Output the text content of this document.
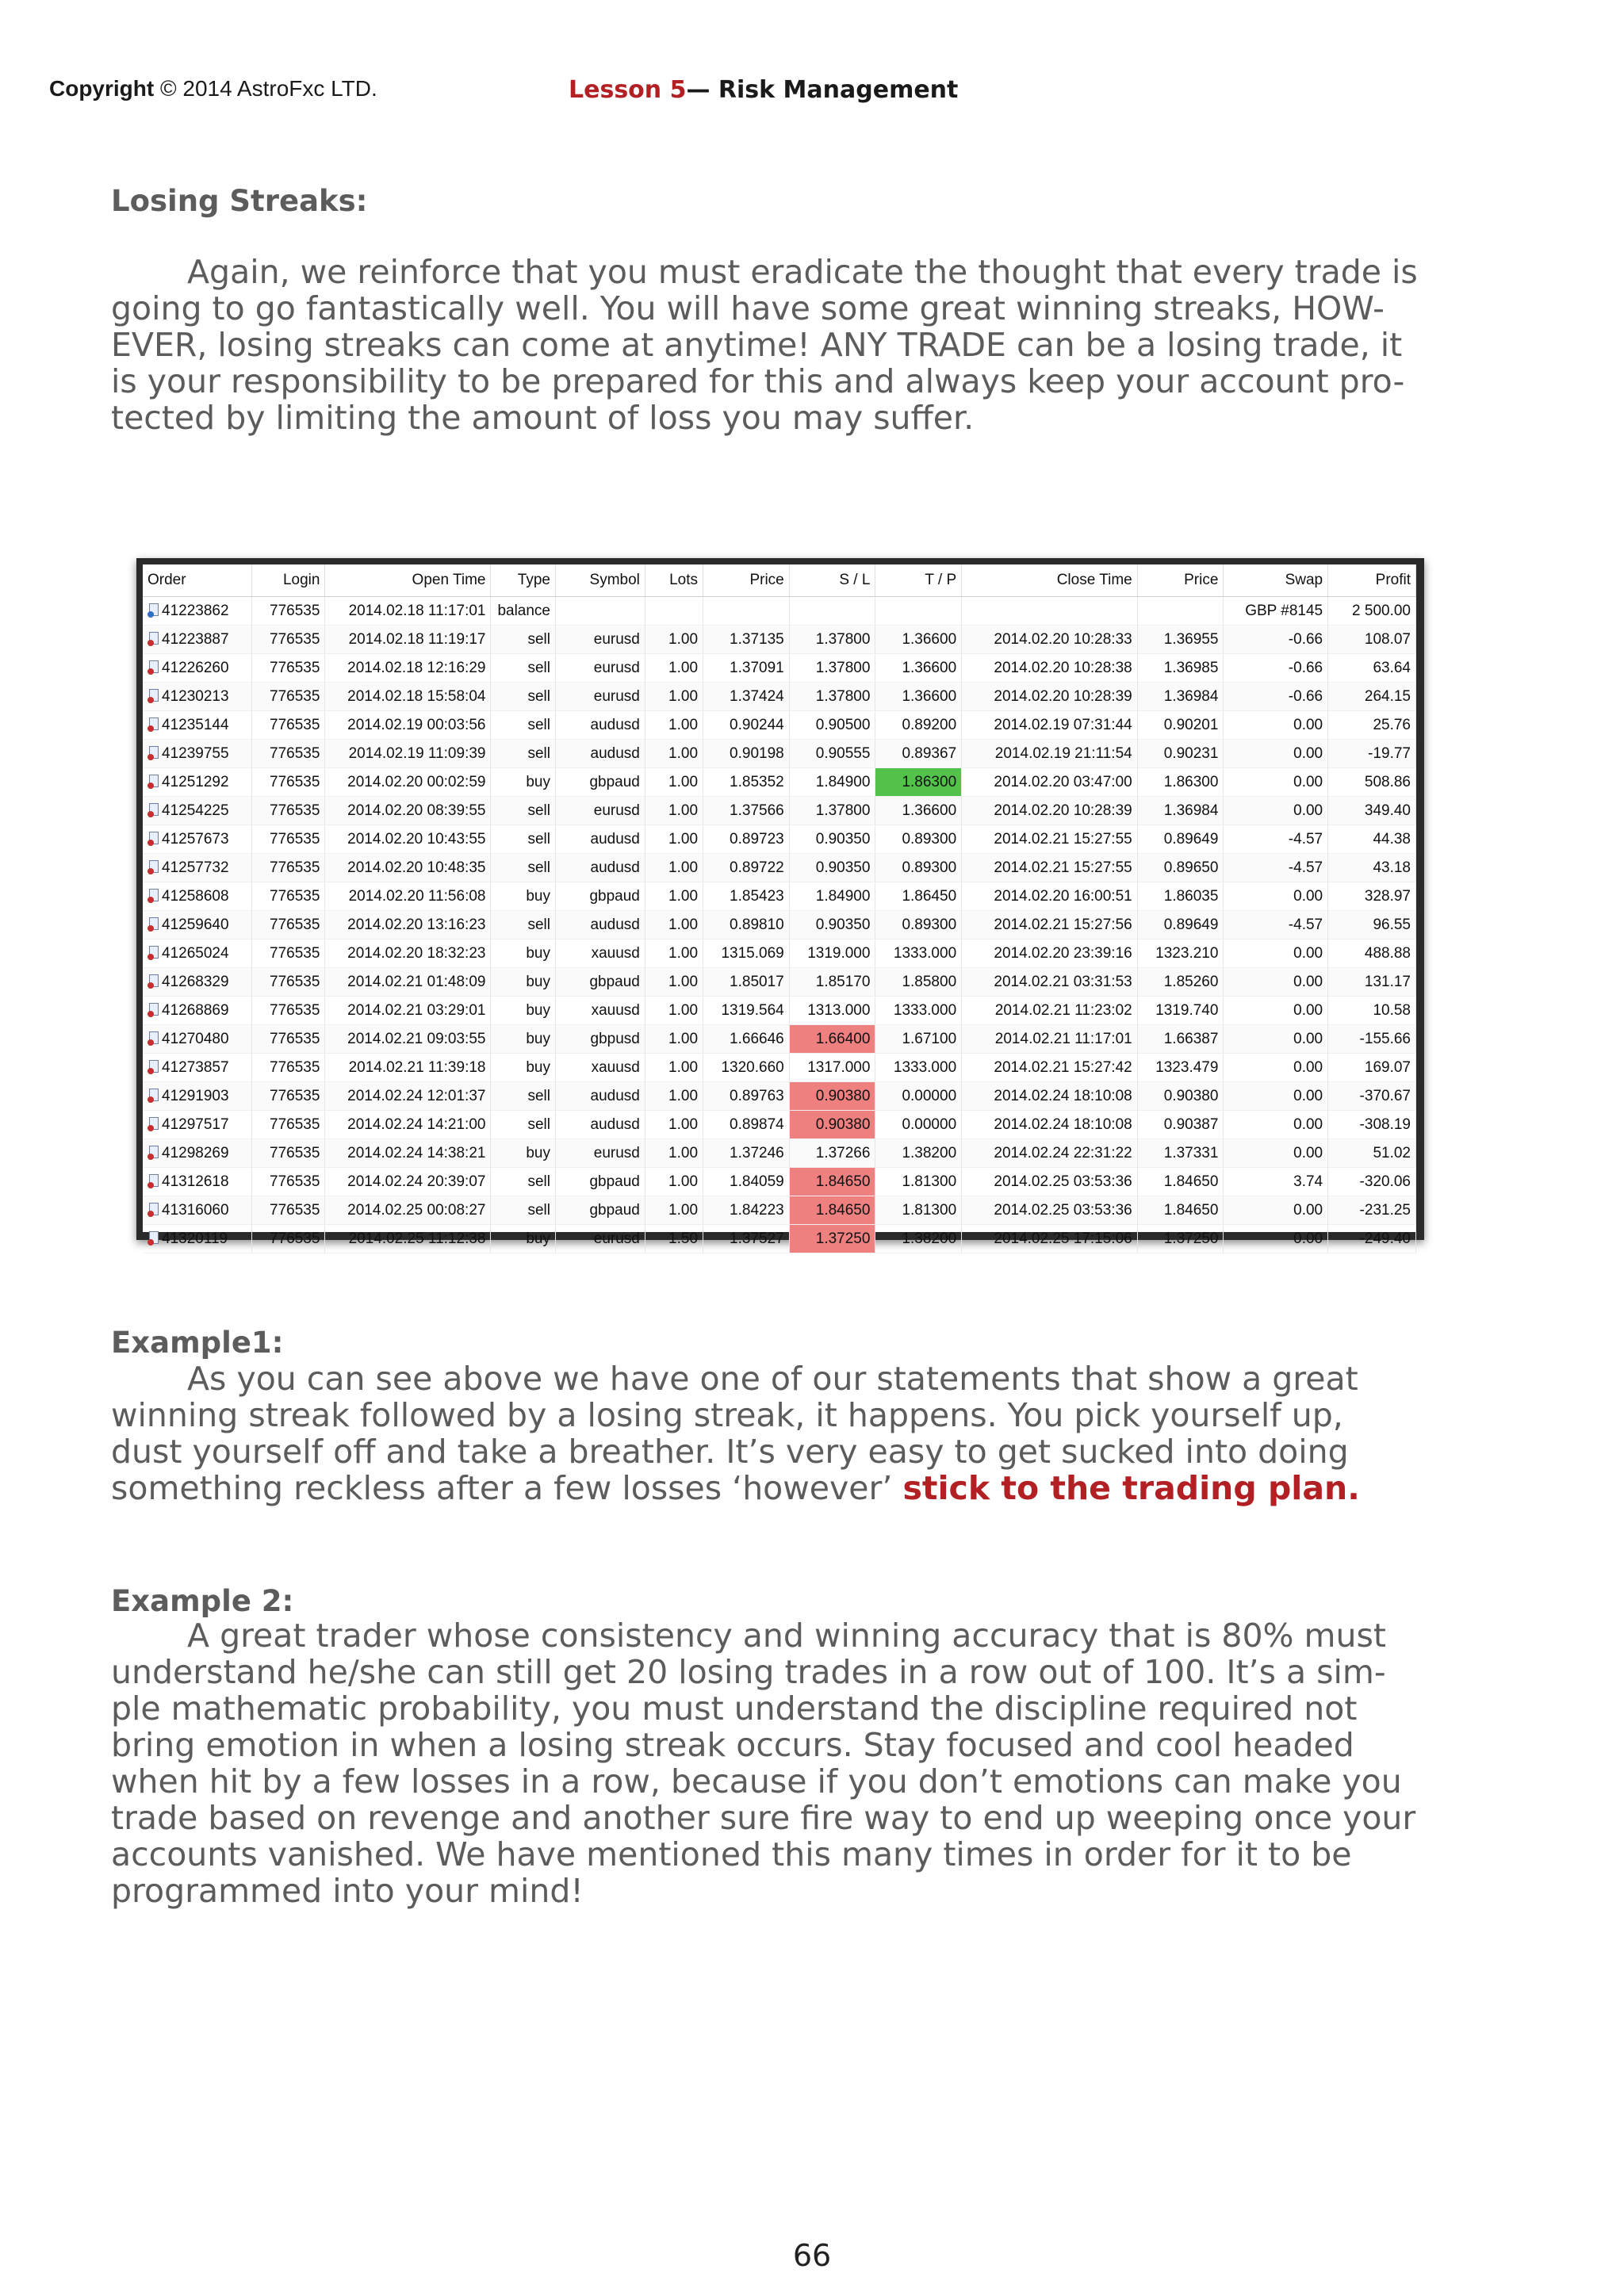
Copyright © 2014 AstroFxc LTD.	Lesson 5— Risk Management
Losing Streaks:

Again, we reinforce that you must eradicate the thought that every trade is

going to go fantastically well. You will have some great winning streaks, HOW-

EVER, losing streaks can come at anytime! ANY TRADE can be a losing trade, it

is your responsibility to be prepared for this and always keep your account pro-

tected by limiting the amount of loss you may suffer.

Order	Login	Open Time	Type	Symbol	Lots	Price	S / L	T / P	Close Time	Price	Swap	Profit

41223862	776535	2014.02.18 11:17:01	balance								GBP #8145	2 500.00

41223887	776535	2014.02.18 11:19:17	sell	eurusd	1.00	1.37135	1.37800	1.36600	2014.02.20 10:28:33	1.36955	-0.66	108.07

41226260	776535	2014.02.18 12:16:29	sell	eurusd	1.00	1.37091	1.37800	1.36600	2014.02.20 10:28:38	1.36985	-0.66	63.64

41230213	776535	2014.02.18 15:58:04	sell	eurusd	1.00	1.37424	1.37800	1.36600	2014.02.20 10:28:39	1.36984	-0.66	264.15

41235144	776535	2014.02.19 00:03:56	sell	audusd	1.00	0.90244	0.90500	0.89200	2014.02.19 07:31:44	0.90201	0.00	25.76

41239755	776535	2014.02.19 11:09:39	sell	audusd	1.00	0.90198	0.90555	0.89367	2014.02.19 21:11:54	0.90231	0.00	-19.77

41251292	776535	2014.02.20 00:02:59	buy	gbpaud	1.00	1.85352	1.84900	1.86300	2014.02.20 03:47:00	1.86300	0.00	508.86

41254225	776535	2014.02.20 08:39:55	sell	eurusd	1.00	1.37566	1.37800	1.36600	2014.02.20 10:28:39	1.36984	0.00	349.40

41257673	776535	2014.02.20 10:43:55	sell	audusd	1.00	0.89723	0.90350	0.89300	2014.02.21 15:27:55	0.89649	-4.57	44.38

41257732	776535	2014.02.20 10:48:35	sell	audusd	1.00	0.89722	0.90350	0.89300	2014.02.21 15:27:55	0.89650	-4.57	43.18

41258608	776535	2014.02.20 11:56:08	buy	gbpaud	1.00	1.85423	1.84900	1.86450	2014.02.20 16:00:51	1.86035	0.00	328.97

41259640	776535	2014.02.20 13:16:23	sell	audusd	1.00	0.89810	0.90350	0.89300	2014.02.21 15:27:56	0.89649	-4.57	96.55

41265024	776535	2014.02.20 18:32:23	buy	xauusd	1.00	1315.069	1319.000	1333.000	2014.02.20 23:39:16	1323.210	0.00	488.88

41268329	776535	2014.02.21 01:48:09	buy	gbpaud	1.00	1.85017	1.85170	1.85800	2014.02.21 03:31:53	1.85260	0.00	131.17

41268869	776535	2014.02.21 03:29:01	buy	xauusd	1.00	1319.564	1313.000	1333.000	2014.02.21 11:23:02	1319.740	0.00	10.58

41270480	776535	2014.02.21 09:03:55	buy	gbpusd	1.00	1.66646	1.66400	1.67100	2014.02.21 11:17:01	1.66387	0.00	-155.66

41273857	776535	2014.02.21 11:39:18	buy	xauusd	1.00	1320.660	1317.000	1333.000	2014.02.21 15:27:42	1323.479	0.00	169.07

41291903	776535	2014.02.24 12:01:37	sell	audusd	1.00	0.89763	0.90380	0.00000	2014.02.24 18:10:08	0.90380	0.00	-370.67

41297517	776535	2014.02.24 14:21:00	sell	audusd	1.00	0.89874	0.90380	0.00000	2014.02.24 18:10:08	0.90387	0.00	-308.19

41298269	776535	2014.02.24 14:38:21	buy	eurusd	1.00	1.37246	1.37266	1.38200	2014.02.24 22:31:22	1.37331	0.00	51.02

41312618	776535	2014.02.24 20:39:07	sell	gbpaud	1.00	1.84059	1.84650	1.81300	2014.02.25 03:53:36	1.84650	3.74	-320.06

41316060	776535	2014.02.25 00:08:27	sell	gbpaud	1.00	1.84223	1.84650	1.81300	2014.02.25 03:53:36	1.84650	0.00	-231.25

41320119	776535	2014.02.25 11:12:38	buy	eurusd	1.50	1.37527	1.37250	1.38200	2014.02.25 17:15:06	1.37250	0.00	-249.40
Example1:

As you can see above we have one of our statements that show a great

winning streak followed by a losing streak, it happens. You pick yourself up,

dust yourself off and take a breather. It’s very easy to get sucked into doing

something reckless after a few losses ‘however’ stick to the trading plan.

Example 2:

A great trader whose consistency and winning accuracy that is 80% must

understand he/she can still get 20 losing trades in a row out of 100. It’s a sim-

ple mathematic probability, you must understand the discipline required not

bring emotion in when a losing streak occurs. Stay focused and cool headed

when hit by a few losses in a row, because if you don’t emotions can make you

trade based on revenge and another sure fire way to end up weeping once your

accounts vanished. We have mentioned this many times in order for it to be

programmed into your mind!

66
